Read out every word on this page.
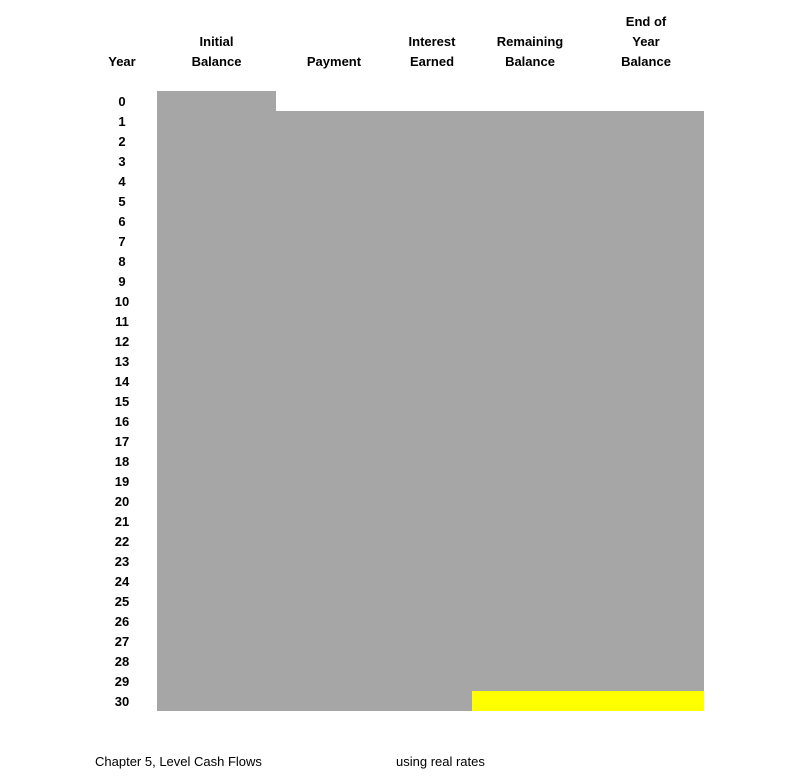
Year
Initial
Balance	Payment
Interest
Earned
Remaining
Balance
End of
Year
Balance
0
1
2
3
4
5
6
7
8
9
10
11
12
13
14
15
16
17
18
19
20
21
22
23
24
25
26
27
28
29
30
Chapter 5, Level Cash Flows	using real rates
